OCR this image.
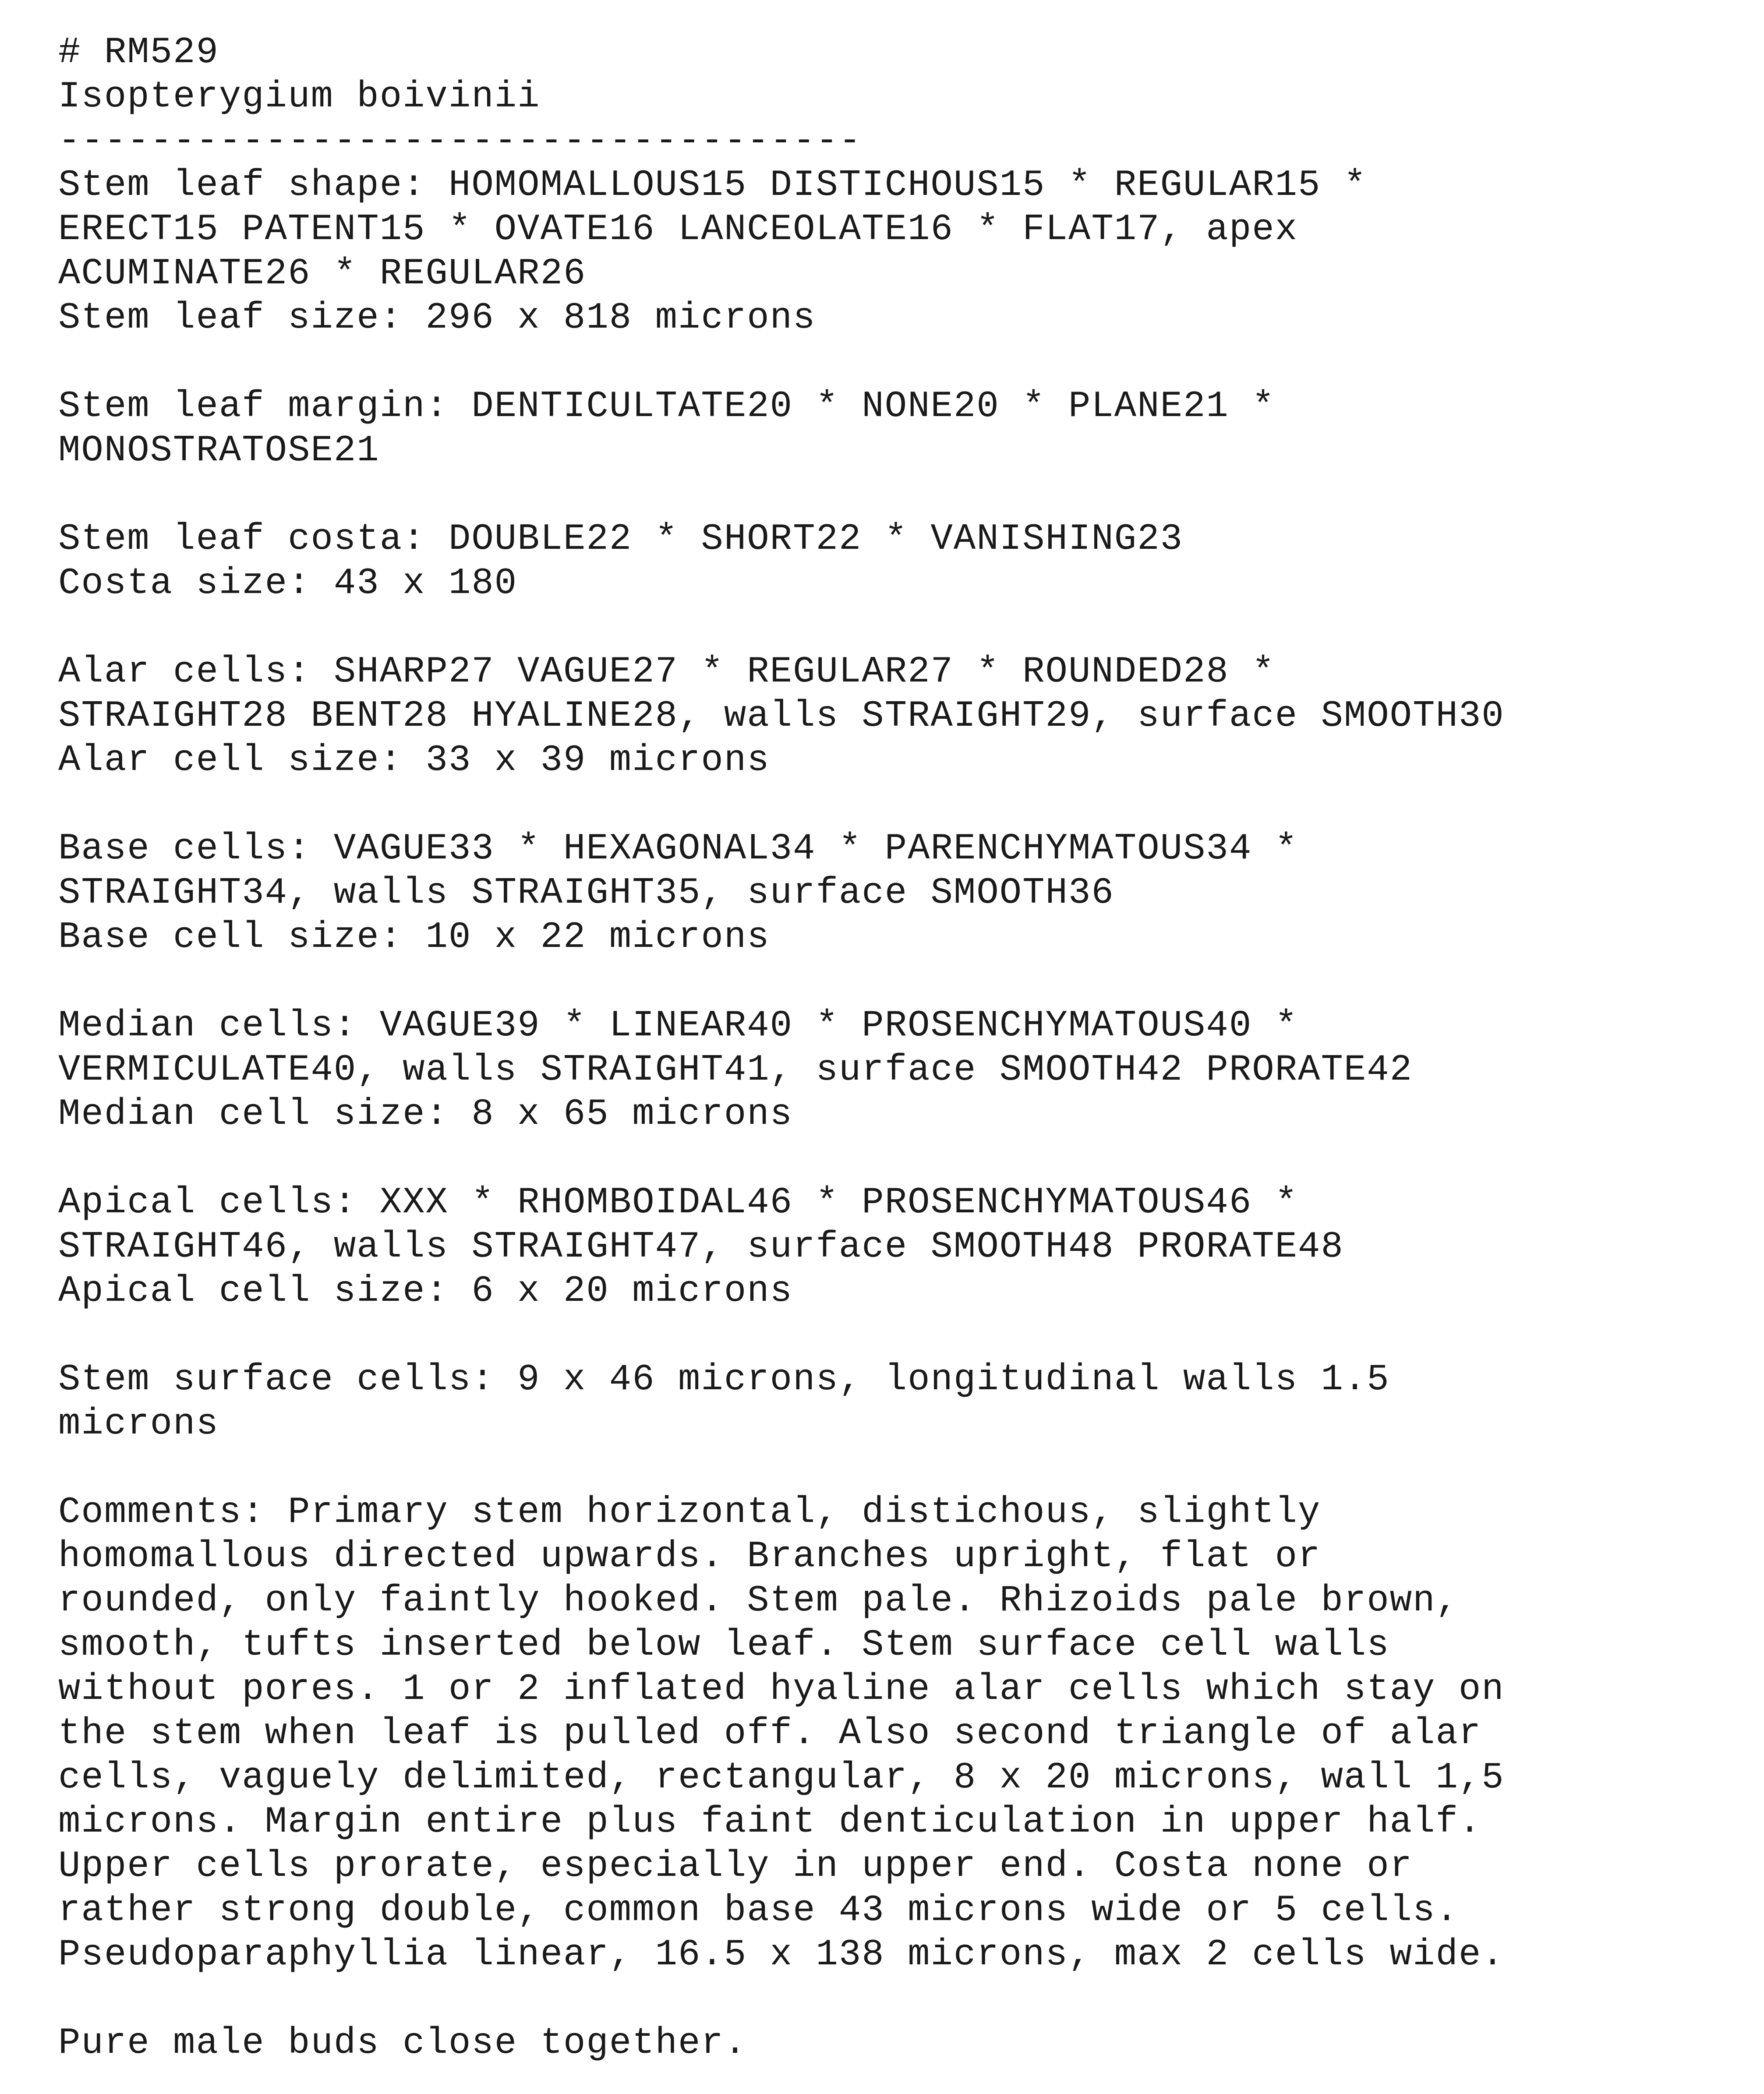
# RM529
Isopterygium boivinii
-----------------------------------
Stem leaf shape: HOMOMALLOUS15 DISTICHOUS15 * REGULAR15 *
ERECT15 PATENT15 * OVATE16 LANCEOLATE16 * FLAT17, apex
ACUMINATE26 * REGULAR26
Stem leaf size: 296 x 818 microns
Stem leaf margin: DENTICULTATE20 * NONE20 * PLANE21 *
MONOSTRATOSE21
Stem leaf costa: DOUBLE22 * SHORT22 * VANISHING23
Costa size: 43 x 180
Alar cells: SHARP27 VAGUE27 * REGULAR27 * ROUNDED28 *
STRAIGHT28 BENT28 HYALINE28, walls STRAIGHT29, surface SMOOTH30
Alar cell size: 33 x 39 microns
Base cells: VAGUE33 * HEXAGONAL34 * PARENCHYMATOUS34 *
STRAIGHT34, walls STRAIGHT35, surface SMOOTH36
Base cell size: 10 x 22 microns
Median cells: VAGUE39 * LINEAR40 * PROSENCHYMATOUS40 *
VERMICULATE40, walls STRAIGHT41, surface SMOOTH42 PRORATE42
Median cell size: 8 x 65 microns
Apical cells: XXX * RHOMBOIDAL46 * PROSENCHYMATOUS46 *
STRAIGHT46, walls STRAIGHT47, surface SMOOTH48 PRORATE48
Apical cell size: 6 x 20 microns
Stem surface cells: 9 x 46 microns, longitudinal walls 1.5
microns
Comments: Primary stem horizontal, distichous, slightly
homomallous directed upwards. Branches upright, flat or
rounded, only faintly hooked. Stem pale. Rhizoids pale brown,
smooth, tufts inserted below leaf. Stem surface cell walls
without pores. 1 or 2 inflated hyaline alar cells which stay on
the stem when leaf is pulled off. Also second triangle of alar
cells, vaguely delimited, rectangular, 8 x 20 microns, wall 1,5
microns. Margin entire plus faint denticulation in upper half.
Upper cells prorate, especially in upper end. Costa none or
rather strong double, common base 43 microns wide or 5 cells.
Pseudoparaphyllia linear, 16.5 x 138 microns, max 2 cells wide.
Pure male buds close together.
